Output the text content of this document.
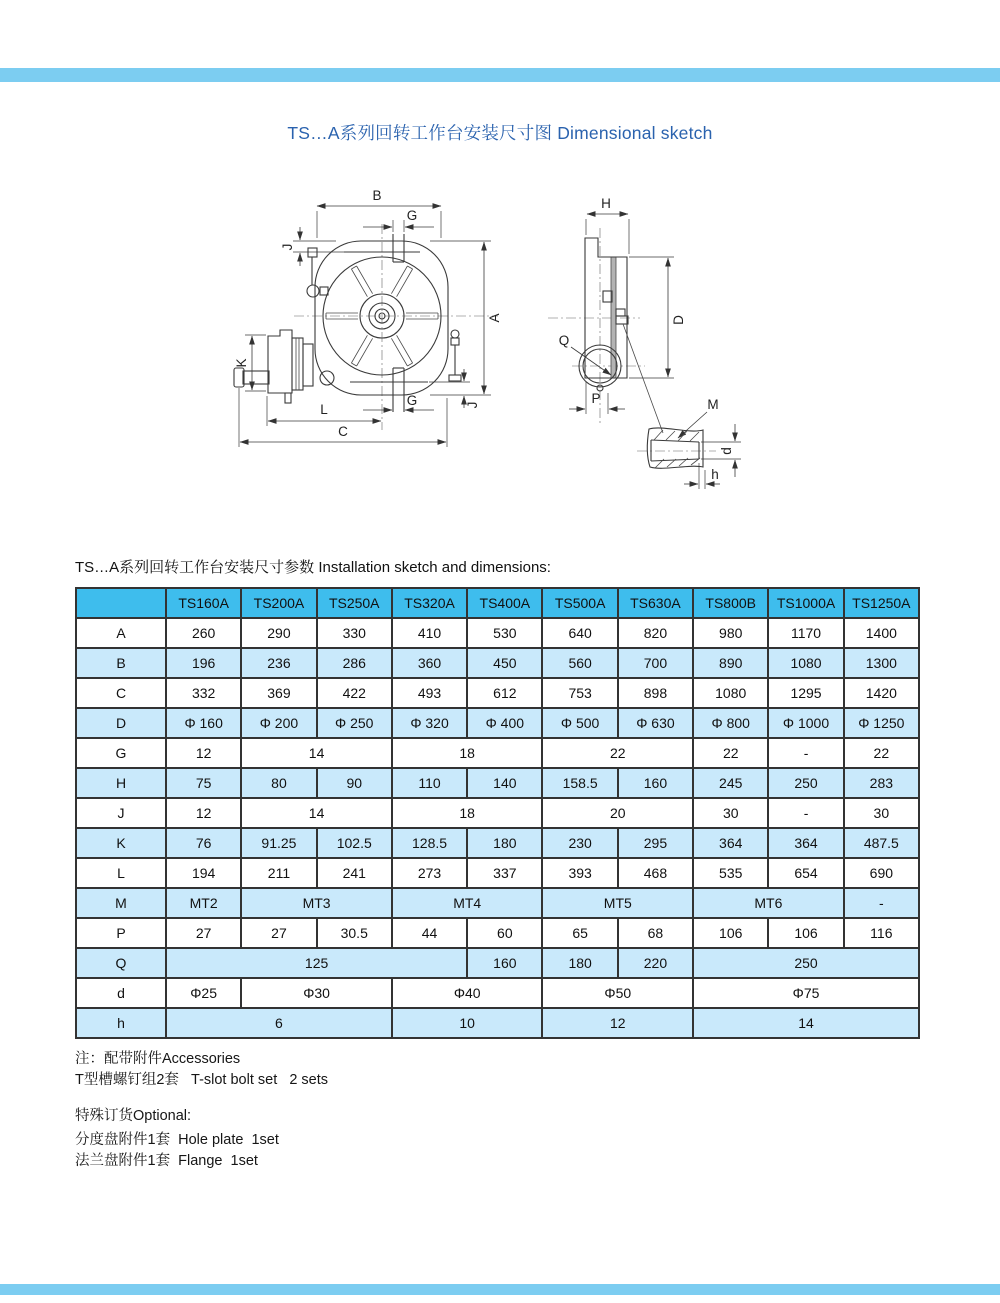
TS…A系列回转工作台安装尺寸图 Dimensional sketch
B
G
J
A
K
L
C
G	J
H
D
Q
P	M
d
h
TS…A系列回转工作台安装尺寸参数 Installation sketch and dimensions:
	TS160A	TS200A	TS250A	TS320A	TS400A	TS500A	TS630A	TS800B	TS1000A	TS1250A
A	260	290	330	410	530	640	820	980	1170	1400
B	196	236	286	360	450	560	700	890	1080	1300
C	332	369	422	493	612	753	898	1080	1295	1420
D	Φ 160	Φ 200	Φ 250	Φ 320	Φ 400	Φ 500	Φ 630	Φ 800	Φ 1000	Φ 1250
G	12	14		18		22		22	-	22
H	75	80	90	110	140	158.5	160	245	250	283
J	12	14		18		20		30	-	30
K	76	91.25	102.5	128.5	180	230	295	364	364	487.5
L	194	211	241	273	337	393	468	535	654	690
M	MT2	MT3		MT4		MT5		MT6		-
P	27	27	30.5	44	60	65	68	106	106	116
Q	125				160	180	220	250		
d	Φ25	Φ30		Φ40		Φ50		Φ75		
h	6			10		12		14		
注：配带附件Accessories
T型槽螺钉组2套   T-slot bolt set   2 sets
特殊订货Optional:
分度盘附件1套  Hole plate  1set
法兰盘附件1套  Flange  1set
